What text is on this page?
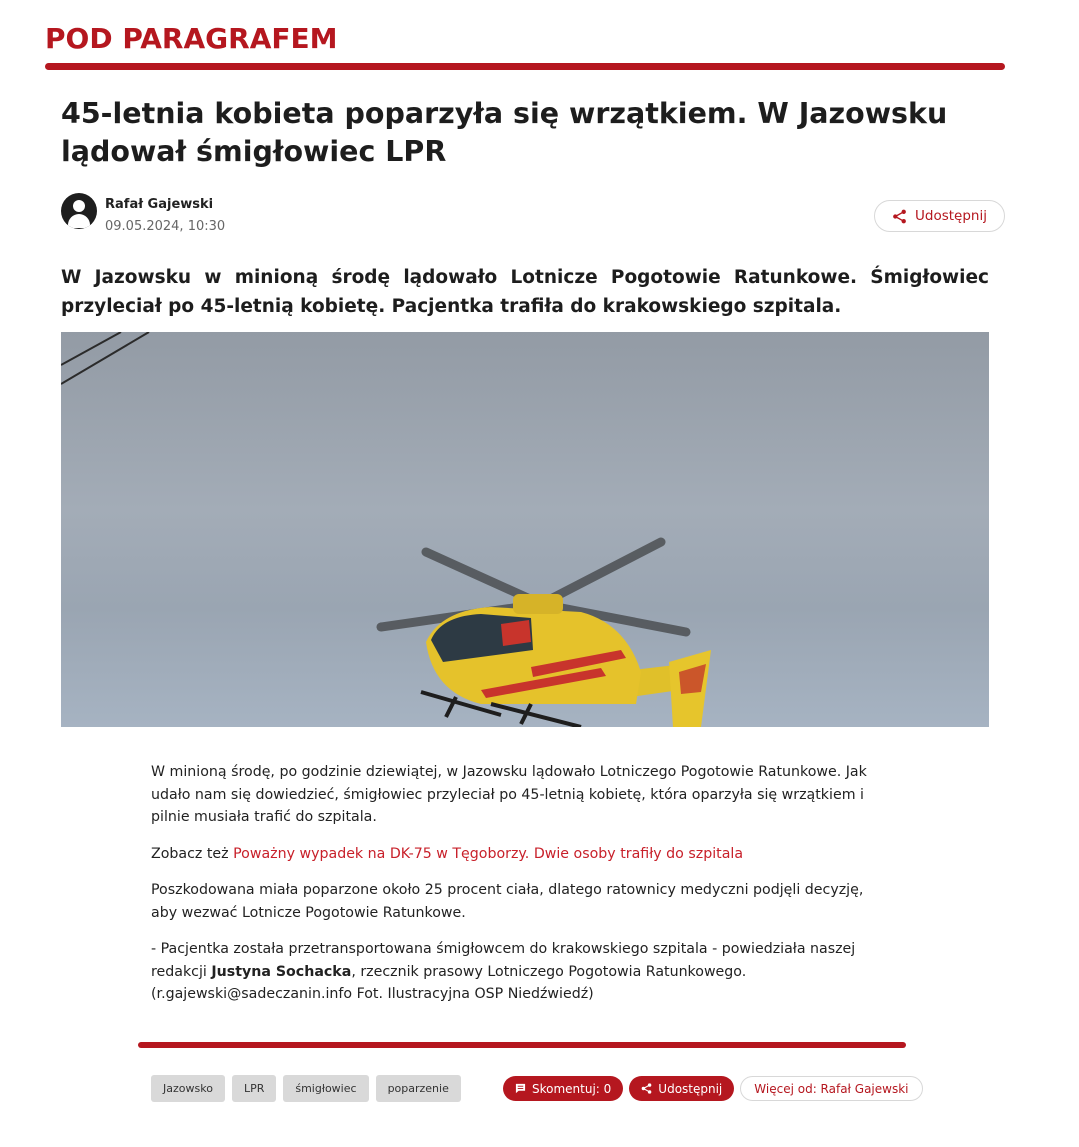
POD PARAGRAFEM
45-letnia kobieta poparzyła się wrzątkiem. W Jazowsku lądował śmigłowiec LPR
Rafał Gajewski
09.05.2024, 10:30
Udostępnij
W Jazowsku w minioną środę lądowało Lotnicze Pogotowie Ratunkowe. Śmigłowiec przyleciał po 45-letnią kobietę. Pacjentka trafiła do krakowskiego szpitala.

W minioną środę, po godzinie dziewiątej, w Jazowsku lądowało Lotniczego Pogotowie Ratunkowe. Jak udało nam się dowiedzieć, śmigłowiec przyleciał po 45-letnią kobietę, która oparzyła się wrzątkiem i pilnie musiała trafić do szpitala.

Zobacz też Poważny wypadek na DK-75 w Tęgoborzy. Dwie osoby trafiły do szpitala

Poszkodowana miała poparzone około 25 procent ciała, dlatego ratownicy medyczni podjęli decyzję, aby wezwać Lotnicze Pogotowie Ratunkowe.

- Pacjentka została przetransportowana śmigłowcem do krakowskiego szpitala - powiedziała naszej redakcji Justyna Sochacka, rzecznik prasowy Lotniczego Pogotowia Ratunkowego.
(r.gajewski@sadeczanin.info Fot. Ilustracyjna OSP Niedźwiedź)

Jazowsko	LPR	śmigłowiec	poparzenie	Skomentuj: 0	Udostępnij	Więcej od: Rafał Gajewski
